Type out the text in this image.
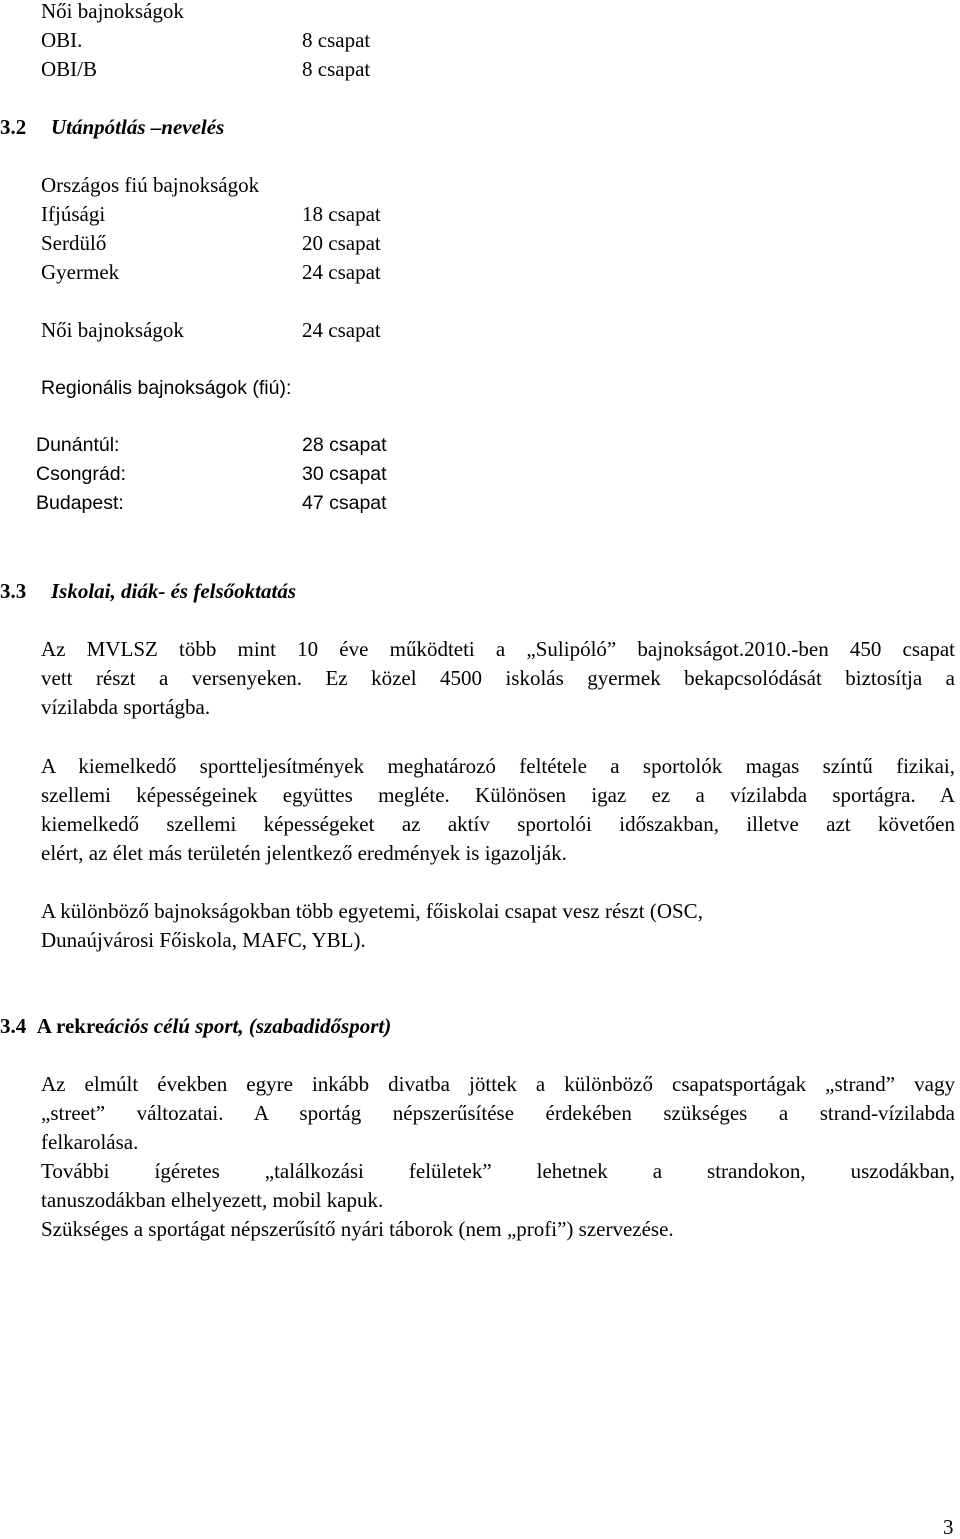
Női bajnokságok
OBI.	8 csapat
OBI/B	8 csapat
3.2 Utánpótlás –nevelés
Országos fiú bajnokságok
Ifjúsági	18 csapat
Serdülő	20 csapat
Gyermek	24 csapat
Női bajnokságok	24 csapat
Regionális bajnokságok (fiú):
Dunántúl:	28 csapat
Csongrád:	30 csapat
Budapest:	47 csapat
3.3 Iskolai, diák- és felsőoktatás
Az MVLSZ több mint 10 éve működteti a „Sulipóló” bajnokságot.2010.-ben 450 csapat
vett részt a versenyeken. Ez közel 4500 iskolás gyermek bekapcsolódását biztosítja a
vízilabda sportágba.
A kiemelkedő sportteljesítmények meghatározó feltétele a sportolók magas színtű fizikai,
szellemi képességeinek együttes megléte. Különösen igaz ez a vízilabda sportágra. A
kiemelkedő szellemi képességeket az aktív sportolói időszakban, illetve azt követően
elért, az élet más területén jelentkező eredmények is igazolják.
A különböző bajnokságokban több egyetemi, főiskolai csapat vesz részt (OSC,
Dunaújvárosi Főiskola, MAFC, YBL).
3.4 A rekreációs célú sport, (szabadidősport)
Az elmúlt években egyre inkább divatba jöttek a különböző csapatsportágak „strand” vagy
„street” változatai. A sportág népszerűsítése érdekében szükséges a strand-vízilabda
felkarolása.
További ígéretes „találkozási felületek” lehetnek a strandokon, uszodákban,
tanuszodákban elhelyezett, mobil kapuk.
Szükséges a sportágat népszerűsítő nyári táborok (nem „profi”) szervezése.
3
